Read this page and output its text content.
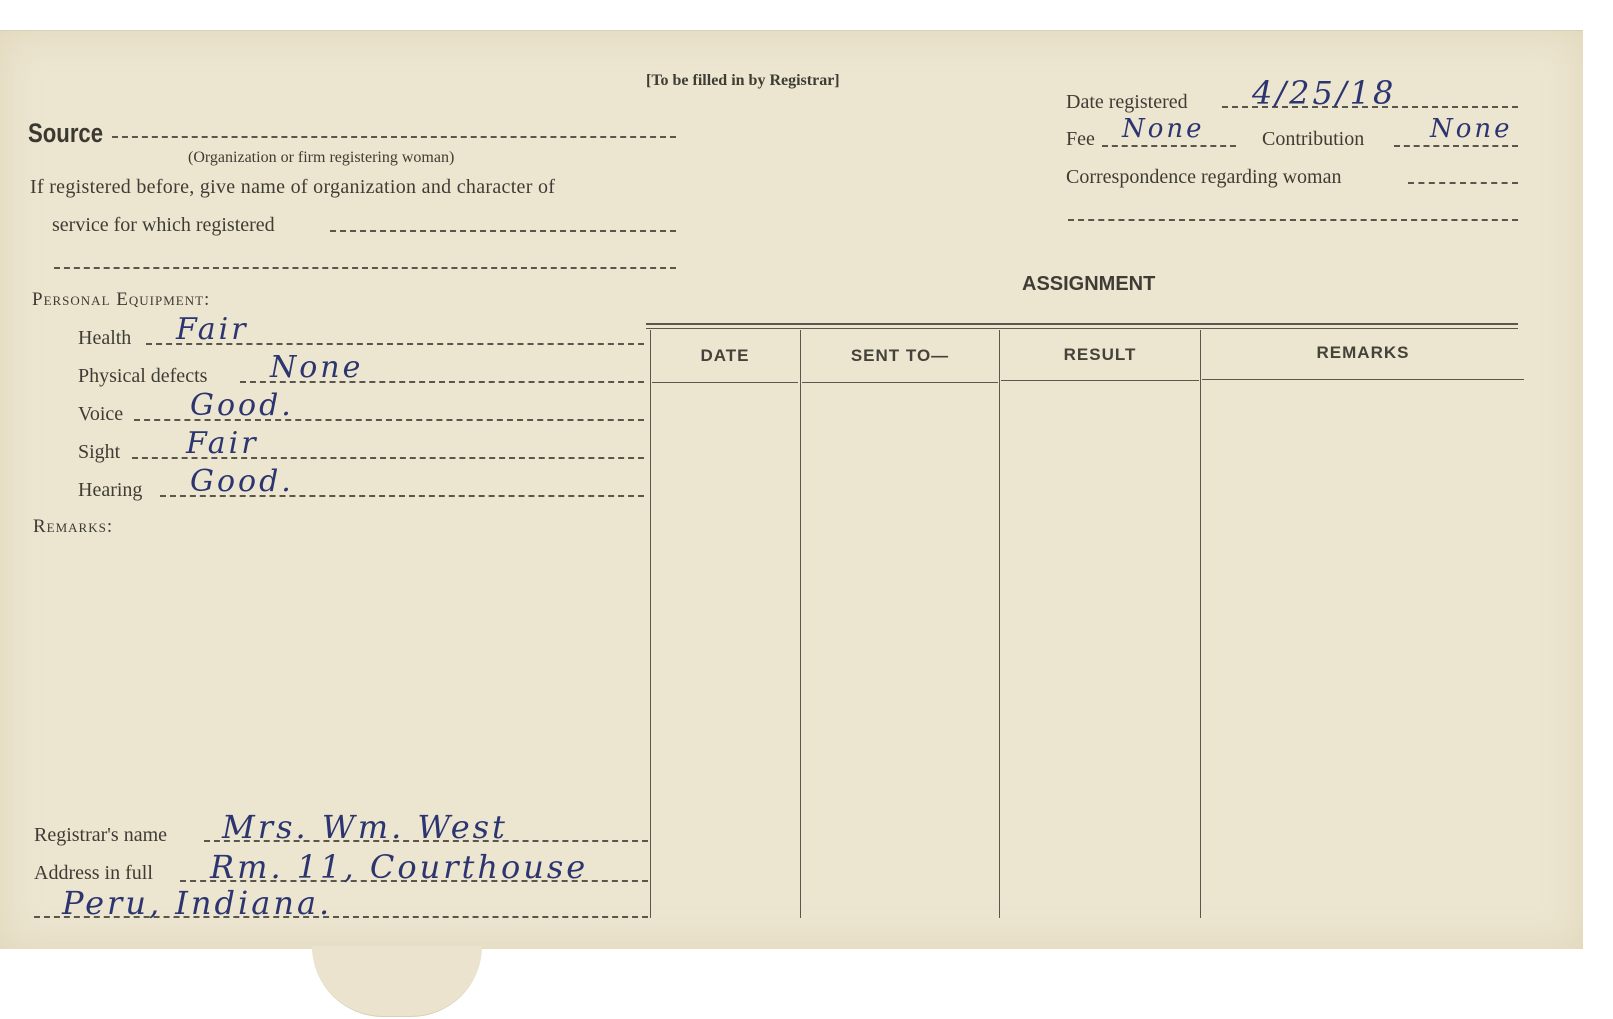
[To be filled in by Registrar]
Source
(Organization or firm registering woman)
If registered before, give name of organization and character of
service for which registered
Date registered 4/25/18
Fee None	Contribution	None
Correspondence regarding woman
Personal Equipment:
Health Fair
Physical defects None
Voice Good.
Sight Fair
Hearing Good.
Remarks:
Registrar's name Mrs. Wm. West
Address in full Rm. 11, Courthouse
Peru, Indiana.
ASSIGNMENT
DATE	SENT TO—	RESULT	REMARKS
